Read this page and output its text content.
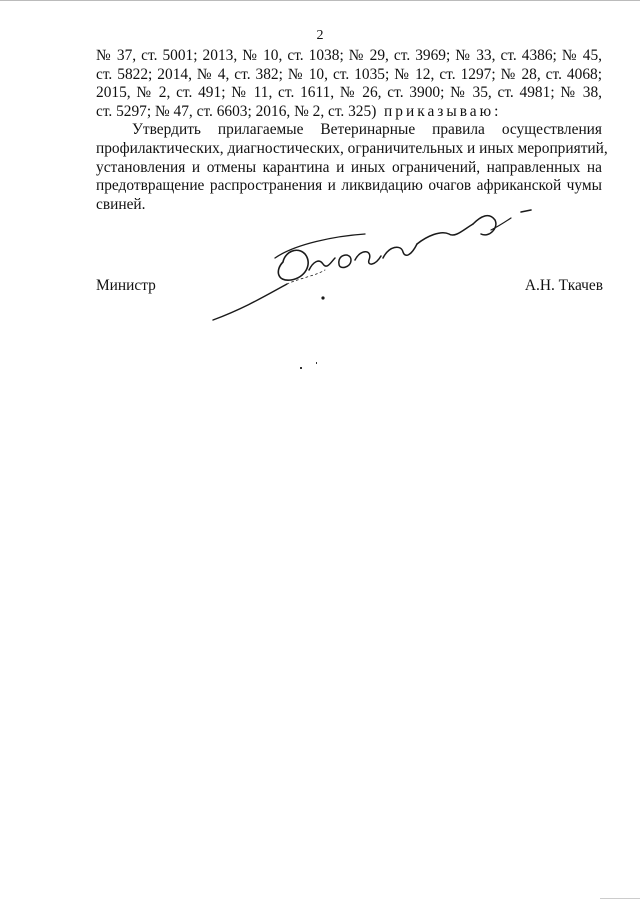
2
№ 37, ст. 5001; 2013, № 10, ст. 1038; № 29, ст. 3969; № 33, ст. 4386; № 45,
ст. 5822; 2014, № 4, ст. 382; № 10, ст. 1035; № 12, ст. 1297; № 28, ст. 4068;
2015, № 2, ст. 491; № 11, ст. 1611, № 26, ст. 3900; № 35, ст. 4981; № 38,
ст. 5297; № 47, ст. 6603; 2016, № 2, ст. 325) приказываю:
Утвердить прилагаемые Ветеринарные правила осуществления
профилактических, диагностических, ограничительных и иных мероприятий,
установления и отмены карантина и иных ограничений, направленных на
предотвращение распространения и ликвидацию очагов африканской чумы
свиней.
Министр	А.Н. Ткачев
